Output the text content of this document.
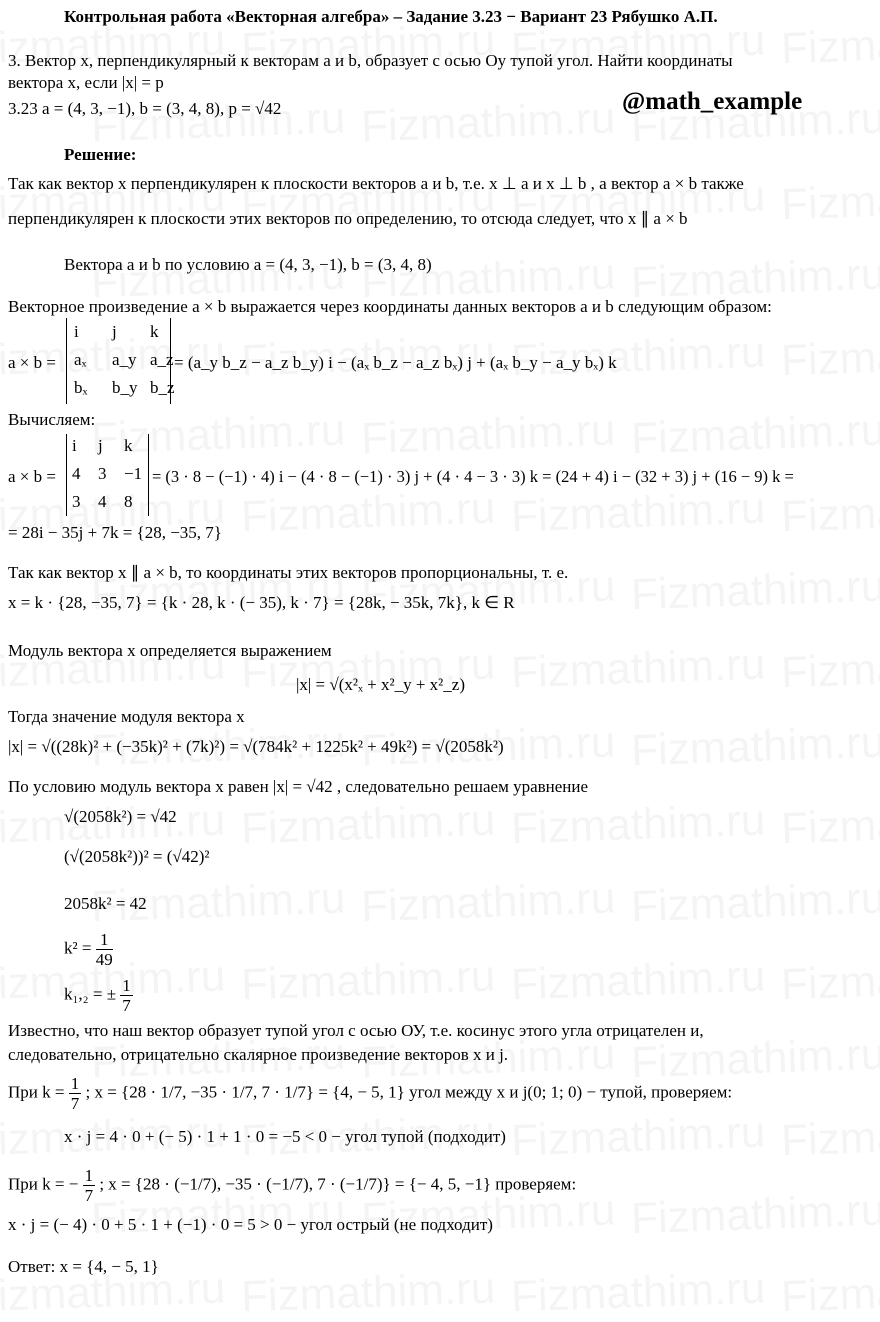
Контрольная работа «Векторная алгебра» – Задание 3.23 − Вариант 23 Рябушко А.П.
@math_example
3. Вектор x, перпендикулярный к векторам a и b, образует с осью Oy тупой угол. Найти координаты
вектора x, если |x| = p
3.23 a = (4, 3, −1), b = (3, 4, 8), p = √42
Решение:
Так как вектор x перпендикулярен к плоскости векторов a и b, т.е. x ⊥ a и x ⊥ b , а вектор a × b также
перпендикулярен к плоскости этих векторов по определению, то отсюда следует, что x ∥ a × b
Вектора a и b по условию a = (4, 3, −1), b = (3, 4, 8)
Векторное произведение a × b выражается через координаты данных векторов a и b следующим образом:
Вычисляем:
= 28i − 35j + 7k = {28, −35, 7}
Так как вектор x ∥ a × b, то координаты этих векторов пропорциональны, т. е.
x = k · {28, −35, 7} = {k · 28, k · (− 35), k · 7} = {28k, − 35k, 7k}, k ∈ R
Модуль вектора x определяется выражением
Тогда значение модуля вектора x
|x| = √((28k)² + (−35k)² + (7k)²) = √(784k² + 1225k² + 49k²) = √(2058k²)
По условию модуль вектора x равен |x| = √42 , следовательно решаем уравнение
√(2058k²) = √42
(√(2058k²))² = (√42)²
2058k² = 42
Известно, что наш вектор образует тупой угол с осью ОУ, т.е. косинус этого угла отрицателен и,
следовательно, отрицательно скалярное произведение векторов x и j.
x · j = 4 · 0 + (− 5) · 1 + 1 · 0 = −5 < 0 − угол тупой (подходит)
x · j = (− 4) · 0 + 5 · 1 + (−1) · 0 = 5 > 0 − угол острый (не подходит)
Ответ: x = {4, − 5, 1}
a × b =
i j k
aₓ a_y a_z
bₓ b_y b_z
= (a_y b_z − a_z b_y) i − (aₓ b_z − a_z bₓ) j + (aₓ b_y − a_y bₓ) k
a × b =
i j k
4 3 −1
3 4 8
= (3 · 8 − (−1) · 4) i − (4 · 8 − (−1) · 3) j + (4 · 4 − 3 · 3) k = (24 + 4) i − (32 + 3) j + (16 − 9) k =
|x| = √(x²ₓ + x²_y + x²_z)
$k^2 = \frac{1}{49}$
k₁,₂ = ± $\frac{1}{7}$
При $k = \frac{1}{7}$ ; x = {28 · 1/7, −35 · 1/7, 7 · 1/7} = {4, − 5, 1} угол между x и j(0; 1; 0) − тупой, проверяем:
При k = − $\frac{1}{7}$ ; x = {28 · (−1/7), −35 · (−1/7), 7 · (−1/7)} = {− 4, 5, −1} проверяем:
